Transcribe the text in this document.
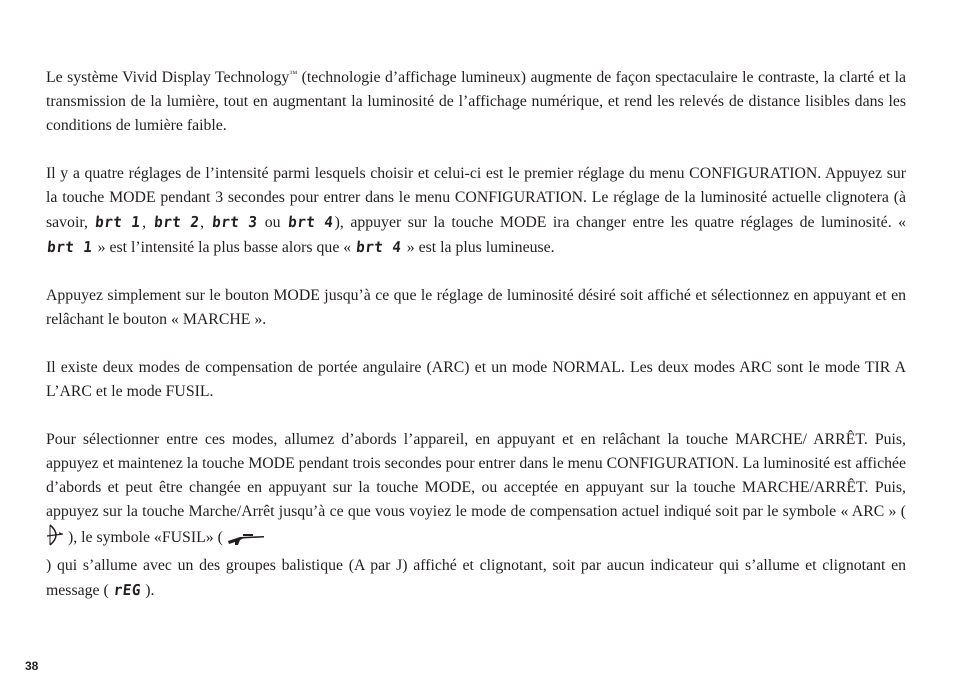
Le système Vivid Display Technology™ (technologie d’affichage lumineux) augmente de façon spectaculaire le contraste, la clarté et la transmission de la lumière, tout en augmentant la luminosité de l’affichage numérique, et rend les relevés de distance lisibles dans les conditions de lumière faible.

Il y a quatre réglages de l’intensité parmi lesquels choisir et celui-ci est le premier réglage du menu CONFIGURATION. Appuyez sur la touche MODE pendant 3 secondes pour entrer dans le menu CONFIGURATION. Le réglage de la luminosité actuelle clignotera (à savoir, brt 1, brt 2, brt 3 ou brt 4), appuyer sur la touche MODE ira changer entre les quatre réglages de luminosité. « brt 1 » est l’intensité la plus basse alors que « brt 4 » est la plus lumineuse.

Appuyez simplement sur le bouton MODE jusqu’à ce que le réglage de luminosité désiré soit affiché et sélectionnez en appuyant et en relâchant le bouton « MARCHE ».

Il existe deux modes de compensation de portée angulaire (ARC) et un mode NORMAL. Les deux modes ARC sont le mode TIR A L’ARC et le mode FUSIL.

Pour sélectionner entre ces modes, allumez d’abords l’appareil, en appuyant et en relâchant la touche MARCHE/ ARRÊT. Puis, appuyez et maintenez la touche MODE pendant trois secondes pour entrer dans le menu CONFIGURATION. La luminosité est affichée d’abords et peut être changée en appuyant sur la touche MODE, ou acceptée en appuyant sur la touche MARCHE/ARRÊT. Puis, appuyez sur la touche Marche/Arrêt jusqu’à ce que vous voyiez le mode de compensation actuel indiqué soit par le symbole « ARC » (  ), le symbole «FUSIL» (
) qui s’allume avec un des groupes balistique (A par J) affiché et clignotant, soit par aucun indicateur qui s’allume et clignotant en message ( rEG ).

38
